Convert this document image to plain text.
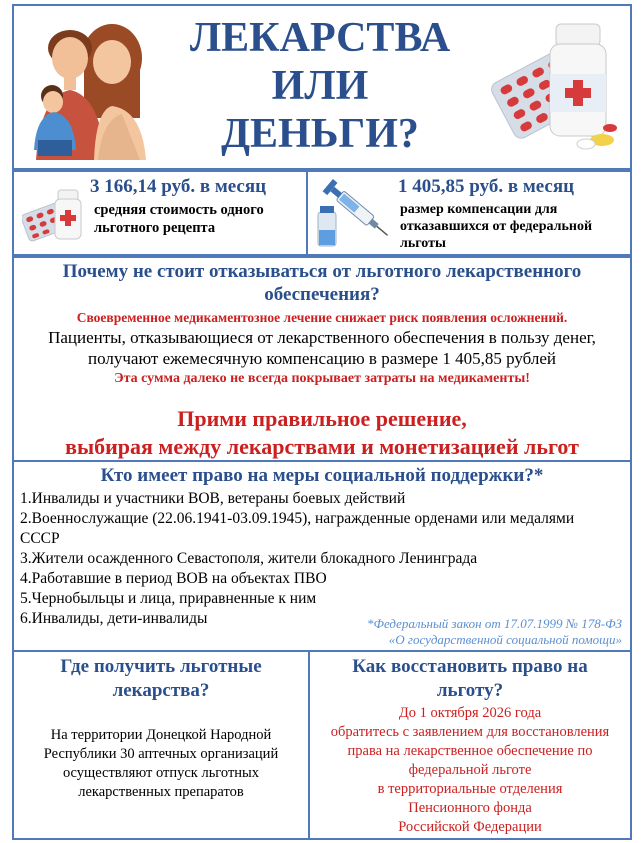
ЛЕКАРСТВА
ИЛИ
ДЕНЬГИ?
3 166,14 руб. в месяц
средняя стоимость одного
льготного рецепта
1 405,85 руб. в месяц
размер компенсации для
отказавшихся от федеральной
льготы
Почему не стоит отказываться от льготного лекарственного
обеспечения?
Своевременное медикаментозное лечение снижает риск появления осложнений.
Пациенты, отказывающиеся от лекарственного обеспечения в пользу денег,
получают ежемесячную компенсацию в размере 1 405,85 рублей
Эта сумма далеко не всегда покрывает затраты на медикаменты!
Прими правильное решение,
выбирая между лекарствами и монетизацией льгот
Кто имеет право на меры социальной поддержки?*

1.Инвалиды и участники ВОВ, ветераны боевых действий

2.Военнослужащие (22.06.1941-03.09.1945), награжденные орденами или медалями

СССР

3.Жители осажденного Севастополя, жители блокадного Ленинграда

4.Работавшие в период ВОВ на объектах ПВО

5.Чернобыльцы и лица, приравненные к ним

6.Инвалиды, дети-инвалиды	*Федеральный закон от 17.07.1999 № 178-ФЗ
«О государственной социальной помощи»
Где получить льготные
лекарства?
На территории Донецкой Народной
Республики 30 аптечных организаций
осуществляют отпуск льготных
лекарственных препаратов
Как восстановить право на
льготу?
До 1 октября 2026 года
обратитесь с заявлением для восстановления
права на лекарственное обеспечение по
федеральной льготе
в территориальные отделения
Пенсионного фонда
Российской Федерации
